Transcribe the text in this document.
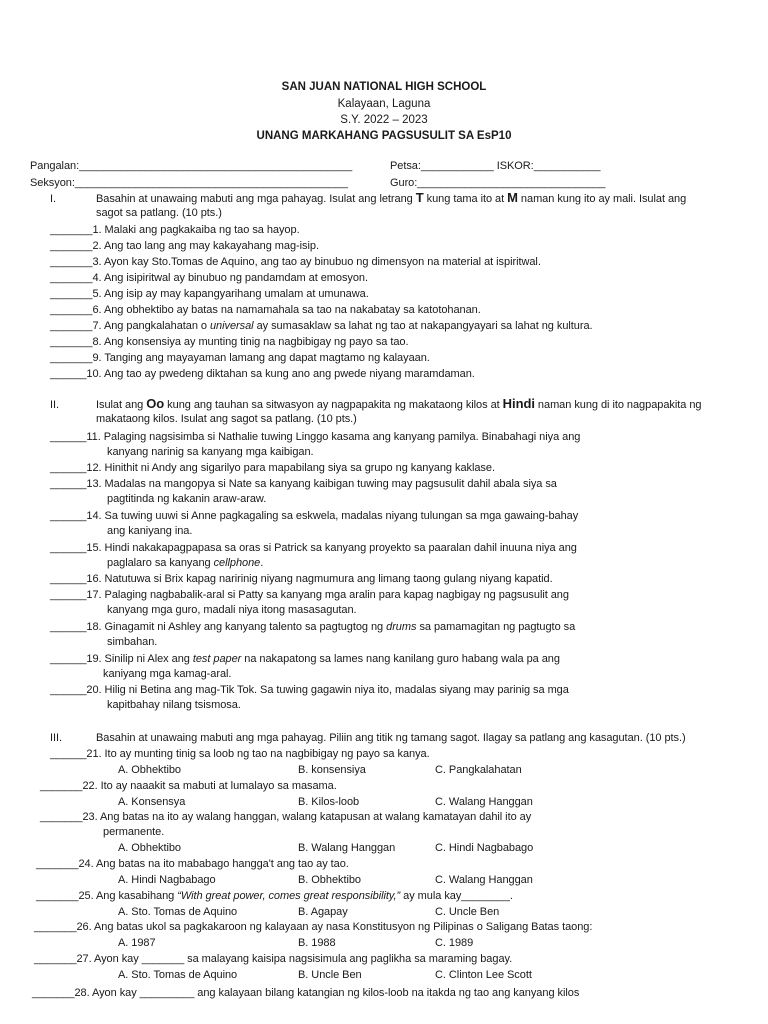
SAN JUAN NATIONAL HIGH SCHOOL
Kalayaan, Laguna
S.Y. 2022 – 2023
UNANG MARKAHANG PAGSUSULIT SA EsP10
Pangalan:_____________________________________________	Petsa:____________ ISKOR:___________
Seksyon:_____________________________________________	Guro:_______________________________
I.	Basahin at unawaing mabuti ang mga pahayag. Isulat ang letrang T kung tama ito at M naman kung ito ay mali. Isulat ang
sagot sa patlang. (10 pts.)
_______1. Malaki ang pagkakaiba ng tao sa hayop.
_______2. Ang tao lang ang may kakayahang mag-isip.
_______3. Ayon kay Sto.Tomas de Aquino, ang tao ay binubuo ng dimensyon na material at ispiritwal.
_______4. Ang isipiritwal ay binubuo ng pandamdam at emosyon.
_______5. Ang isip ay may kapangyarihang umalam at umunawa.
_______6. Ang obhektibo ay batas na namamahala sa tao na nakabatay sa katotohanan.
_______7. Ang pangkalahatan o universal ay sumasaklaw sa lahat ng tao at nakapangyayari sa lahat ng kultura.
_______8. Ang konsensiya ay munting tinig na nagbibigay ng payo sa tao.
_______9. Tanging ang mayayaman lamang ang dapat magtamo ng kalayaan.
______10. Ang tao ay pwedeng diktahan sa kung ano ang pwede niyang maramdaman.
II.	Isulat ang Oo kung ang tauhan sa sitwasyon ay nagpapakita ng makataong kilos at Hindi naman kung di ito nagpapakita ng
makataong kilos. Isulat ang sagot sa patlang. (10 pts.)
______11. Palaging nagsisimba si Nathalie tuwing Linggo kasama ang kanyang pamilya. Binabahagi niya ang
kanyang narinig sa kanyang mga kaibigan.
______12. Hinithit ni Andy ang sigarilyo para mapabilang siya sa grupo ng kanyang kaklase.
______13. Madalas na mangopya si Nate sa kanyang kaibigan tuwing may pagsusulit dahil abala siya sa
pagtitinda ng kakanin araw-araw.
______14. Sa tuwing uuwi si Anne pagkagaling sa eskwela, madalas niyang tulungan sa mga gawaing-bahay
ang kaniyang ina.
______15. Hindi nakakapagpapasa sa oras si Patrick sa kanyang proyekto sa paaralan dahil inuuna niya ang
paglalaro sa kanyang cellphone.
______16. Natutuwa si Brix kapag naririnig niyang nagmumura ang limang taong gulang niyang kapatid.
______17. Palaging nagbabalik-aral si Patty sa kanyang mga aralin para kapag nagbigay ng pagsusulit ang
kanyang mga guro, madali niya itong masasagutan.
______18. Ginagamit ni Ashley ang kanyang talento sa pagtugtog ng drums sa pamamagitan ng pagtugto sa
simbahan.
______19. Sinilip ni Alex ang test paper na nakapatong sa lames nang kanilang guro habang wala pa ang
kaniyang mga kamag-aral.
______20. Hilig ni Betina ang mag-Tik Tok. Sa tuwing gagawin niya ito, madalas siyang may parinig sa mga
kapitbahay nilang tsismosa.
III.	Basahin at unawaing mabuti ang mga pahayag. Piliin ang titik ng tamang sagot. Ilagay sa patlang ang kasagutan. (10 pts.)
______21. Ito ay munting tinig sa loob ng tao na nagbibigay ng payo sa kanya.
A. Obhektibo	B. konsensiya	C. Pangkalahatan
_______22. Ito ay naaakit sa mabuti at lumalayo sa masama.
A. Konsensya	B. Kilos-loob	C. Walang Hanggan
_______23. Ang batas na ito ay walang hanggan, walang katapusan at walang kamatayan dahil ito ay
permanente.
A. Obhektibo	B. Walang Hanggan	C. Hindi Nagbabago
_______24. Ang batas na ito mababago hangga't ang tao ay tao.
A. Hindi Nagbabago	B. Obhektibo	C. Walang Hanggan
_______25. Ang kasabihang “With great power, comes great responsibility,” ay mula kay________.
A. Sto. Tomas de Aquino	B. Agapay	C. Uncle Ben
_______26. Ang batas ukol sa pagkakaroon ng kalayaan ay nasa Konstitusyon ng Pilipinas o Saligang Batas taong:
A. 1987	B. 1988	C. 1989
_______27. Ayon kay _______ sa malayang kaisipa nagsisimula ang paglikha sa maraming bagay.
A. Sto. Tomas de Aquino	B. Uncle Ben	C. Clinton Lee Scott
_______28. Ayon kay _________ ang kalayaan bilang katangian ng kilos-loob na itakda ng tao ang kanyang kilos
